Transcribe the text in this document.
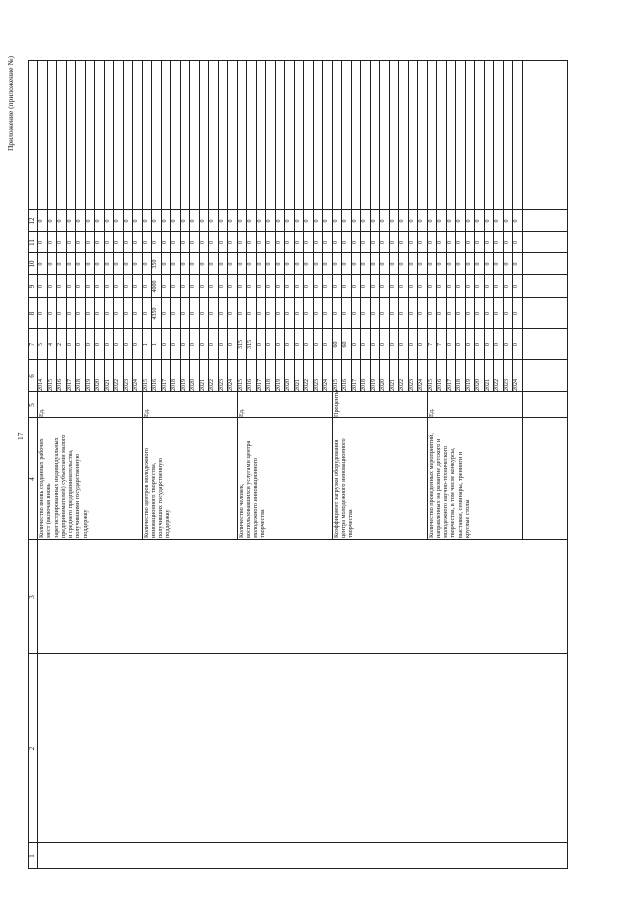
Приложение (приложение №)
17
1
2
3
4
5
6
7
8
9
10
11
12
Количество вновь созданных рабочих мест (включая вновь зарегистрированных индивидуальных предпринимателей) субъектами малого и среднего предпринимательства, получившими государственную поддержку
Ед.
2014
5
0
0
0
0
0
2015
4
0
0
0
0
0
2016
2
0
0
0
0
0
2017
0
0
0
0
0
0
2018
0
0
0
0
0
0
2019
0
0
0
0
0
0
2020
0
0
0
0
0
0
2021
0
0
0
0
0
0
2022
0
0
0
0
0
0
2023
0
0
0
0
0
0
2024
0
0
0
0
0
0
Количество центров молодежного инновационного творчества, получивших государственную поддержку
Ед.
2015
1
0
0
0
0
0
2016
1
4350
4000
350
0
0
2017
0
0
0
0
0
0
2018
0
0
0
0
0
0
2019
0
0
0
0
0
0
2020
0
0
0
0
0
0
2021
0
0
0
0
0
0
2022
0
0
0
0
0
0
2023
0
0
0
0
0
0
2024
0
0
0
0
0
0
Количество человек, воспользовавшихся услугами центра молодежного инновационного творчества
Ед.
2015
315
0
0
0
0
0
2016
315
0
0
0
0
0
2017
0
0
0
0
0
0
2018
0
0
0
0
0
0
2019
0
0
0
0
0
0
2020
0
0
0
0
0
0
2021
0
0
0
0
0
0
2022
0
0
0
0
0
0
2023
0
0
0
0
0
0
2024
0
0
0
0
0
0
Коэффициент загрузки оборудования центра молодежного инновационного творчества
Проценты
2015
60
0
0
0
0
0
2016
60
0
0
0
0
0
2017
0
0
0
0
0
0
2018
0
0
0
0
0
0
2019
0
0
0
0
0
0
2020
0
0
0
0
0
0
2021
0
0
0
0
0
0
2022
0
0
0
0
0
0
2023
0
0
0
0
0
0
2024
0
0
0
0
0
0
Количество проведенных мероприятий, направленных на развитие детского и молодежного научно-технического творчества, в том числе конкурсы, выставки, семинары, тренинги и круглые столы
Ед.
2015
7
0
0
0
0
0
2016
7
0
0
0
0
0
2017
0
0
0
0
0
0
2018
0
0
0
0
0
0
2019
0
0
0
0
0
0
2020
0
0
0
0
0
0
2021
0
0
0
0
0
0
2022
0
0
0
0
0
0
2023
0
0
0
0
0
0
2024
0
0
0
0
0
0
